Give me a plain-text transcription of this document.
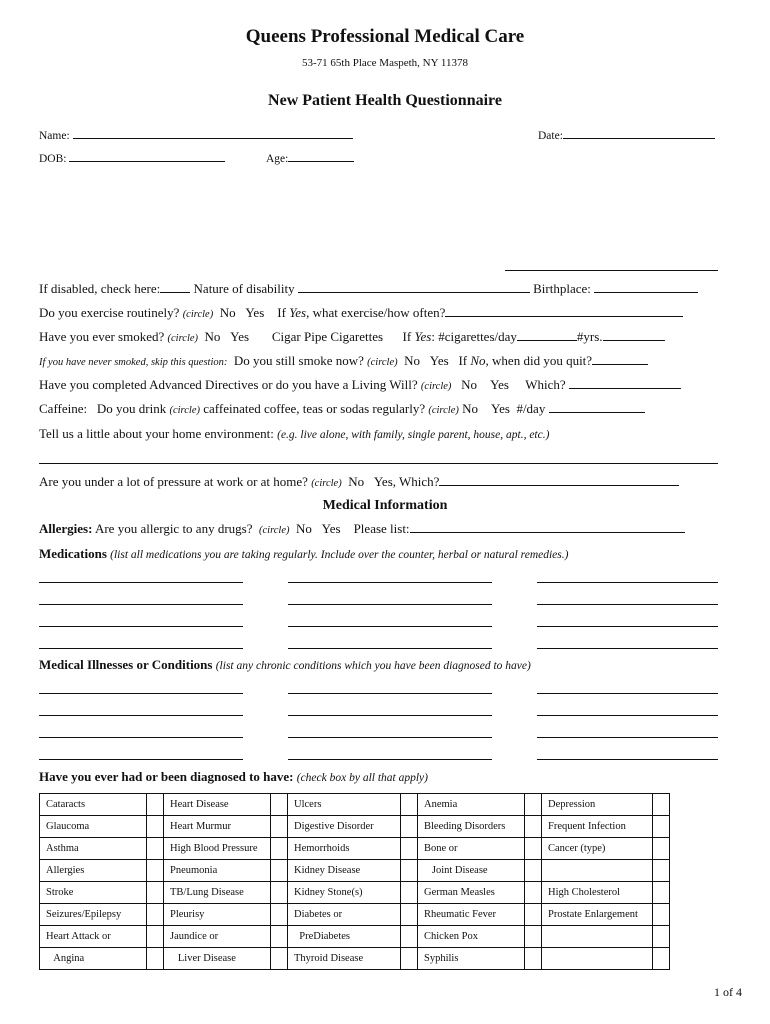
Queens Professional Medical Care
53-71 65th Place Maspeth, NY 11378
New Patient Health Questionnaire
Name:	Date:
DOB:	Age:
If disabled, check here:	Nature of disability	Birthplace:
Do you exercise routinely? (circle) No Yes If Yes, what exercise/how often?
Have you ever smoked? (circle) No Yes Cigar Pipe Cigarettes If Yes: #cigarettes/day	#yrs.
If you have never smoked, skip this question: Do you still smoke now? (circle) No Yes If No, when did you quit?
Have you completed Advanced Directives or do you have a Living Will? (circle) No Yes Which?
Caffeine: Do you drink (circle) caffeinated coffee, teas or sodas regularly? (circle) No Yes #/day
Tell us a little about your home environment: (e.g. live alone, with family, single parent, house, apt., etc.)
Are you under a lot of pressure at work or at home? (circle) No Yes, Which?
Medical Information
Allergies: Are you allergic to any drugs? (circle) No Yes Please list:
Medications (list all medications you are taking regularly. Include over the counter, herbal or natural remedies.)
Medical Illnesses or Conditions (list any chronic conditions which you have been diagnosed to have)
Have you ever had or been diagnosed to have: (check box by all that apply)
Cataracts		Heart Disease		Ulcers		Anemia		Depression	
Glaucoma		Heart Murmur		Digestive Disorder		Bleeding Disorders		Frequent Infection	
Asthma		High Blood Pressure		Hemorrhoids		Bone or		Cancer (type)	
Allergies		Pneumonia		Kidney Disease		Joint Disease			
Stroke		TB/Lung Disease		Kidney Stone(s)		German Measles		High Cholesterol	
Seizures/Epilepsy		Pleurisy		Diabetes or		Rheumatic Fever		Prostate Enlargement	
Heart Attack or		Jaundice or		PreDiabetes		Chicken Pox			
Angina		Liver Disease		Thyroid Disease		Syphilis			
1 of 4
